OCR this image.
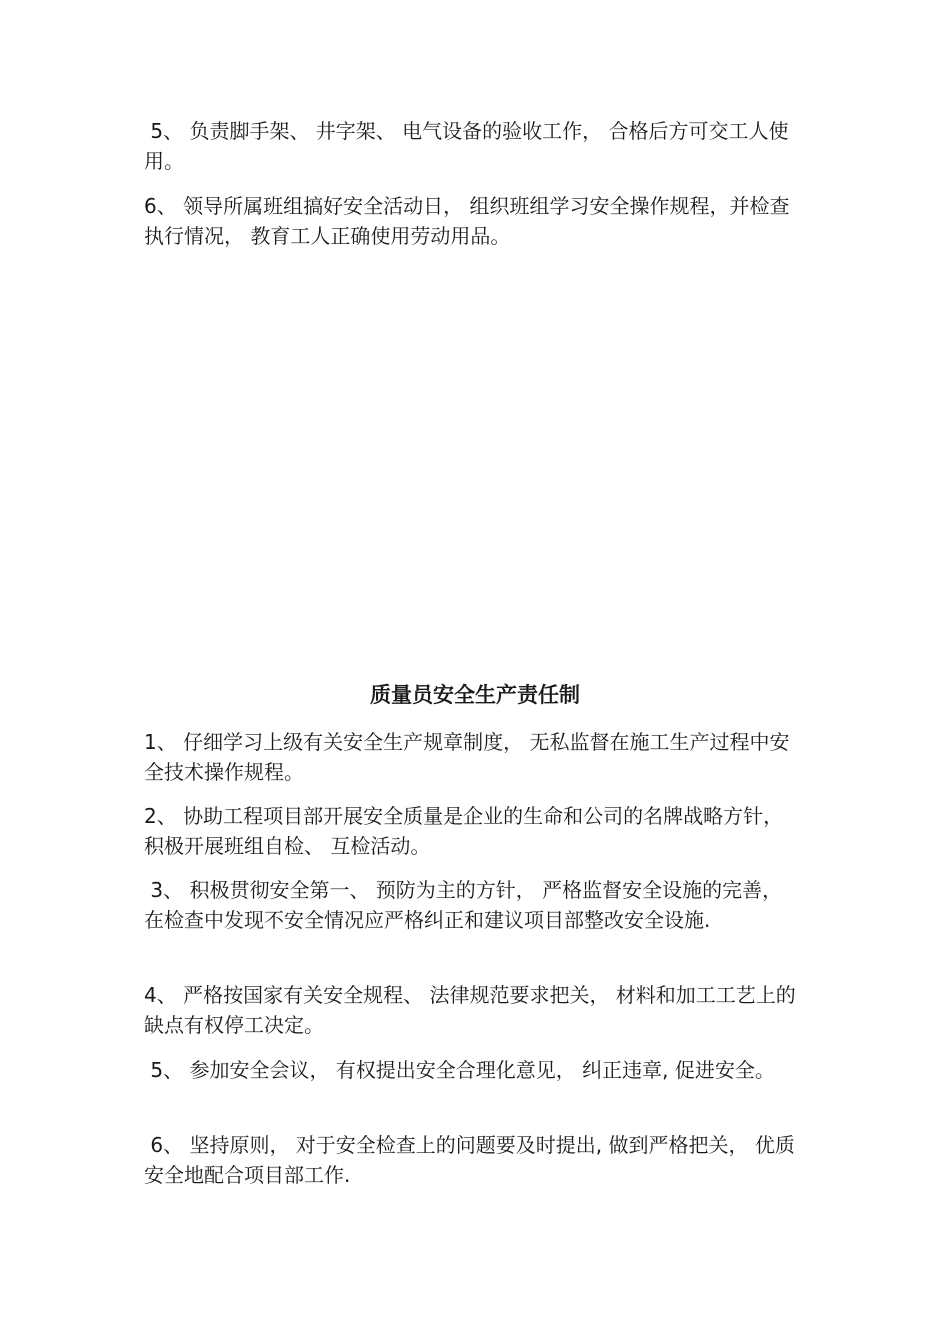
5、 负责脚手架、 井字架、 电气设备的验收工作， 合格后方可交工人使用。

6、 领导所属班组搞好安全活动日， 组织班组学习安全操作规程，并检查执行情况， 教育工人正确使用劳动用品。

质量员安全生产责任制

1、 仔细学习上级有关安全生产规章制度， 无私监督在施工生产过程中安全技术操作规程。

2、 协助工程项目部开展安全质量是企业的生命和公司的名牌战略方针， 积极开展班组自检、 互检活动。

3、 积极贯彻安全第一、 预防为主的方针， 严格监督安全设施的完善， 在检查中发现不安全情况应严格纠正和建议项目部整改安全设施.

4、 严格按国家有关安全规程、 法律规范要求把关， 材料和加工工艺上的缺点有权停工决定。

5、 参加安全会议， 有权提出安全合理化意见， 纠正违章, 促进安全。

6、 坚持原则， 对于安全检查上的问题要及时提出, 做到严格把关， 优质安全地配合项目部工作.
